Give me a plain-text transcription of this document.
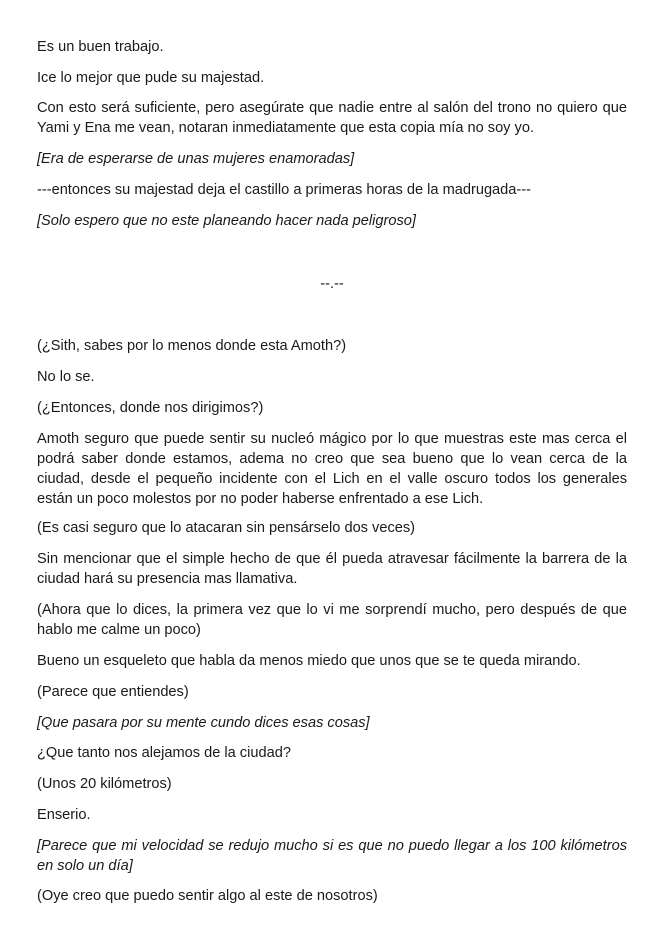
Es un buen trabajo.

Ice lo mejor que pude su majestad.

Con esto será suficiente, pero asegúrate que nadie entre al salón del trono no quiero que Yami y Ena me vean, notaran inmediatamente que esta copia mía no soy yo.

[Era de esperarse de unas mujeres enamoradas]

---entonces su majestad deja el castillo a primeras horas de la madrugada---

[Solo espero que no este planeando hacer nada peligroso]

--.--

(¿Sith, sabes por lo menos donde esta Amoth?)

No lo se.

(¿Entonces, donde nos dirigimos?)

Amoth seguro que puede sentir su nucleó mágico por lo que muestras este mas cerca el podrá saber donde estamos, adema no creo que sea bueno que lo vean cerca de la ciudad, desde el pequeño incidente con el Lich en el valle oscuro todos los generales están un poco molestos por no poder haberse enfrentado a ese Lich.

(Es casi seguro que lo atacaran sin pensárselo dos veces)

Sin mencionar que el simple hecho de que él pueda atravesar fácilmente la barrera de la ciudad hará su presencia mas llamativa.

(Ahora que lo dices, la primera vez que lo vi me sorprendí mucho, pero después de que hablo me calme un poco)

Bueno un esqueleto que habla da menos miedo que unos que se te queda mirando.

(Parece que entiendes)

[Que pasara por su mente cundo dices esas cosas]

¿Que tanto nos alejamos de la ciudad?

(Unos 20 kilómetros)

Enserio.

[Parece que mi velocidad se redujo mucho si es que no puedo llegar a los 100 kilómetros en solo un día]

(Oye creo que puedo sentir algo al este de nosotros)
